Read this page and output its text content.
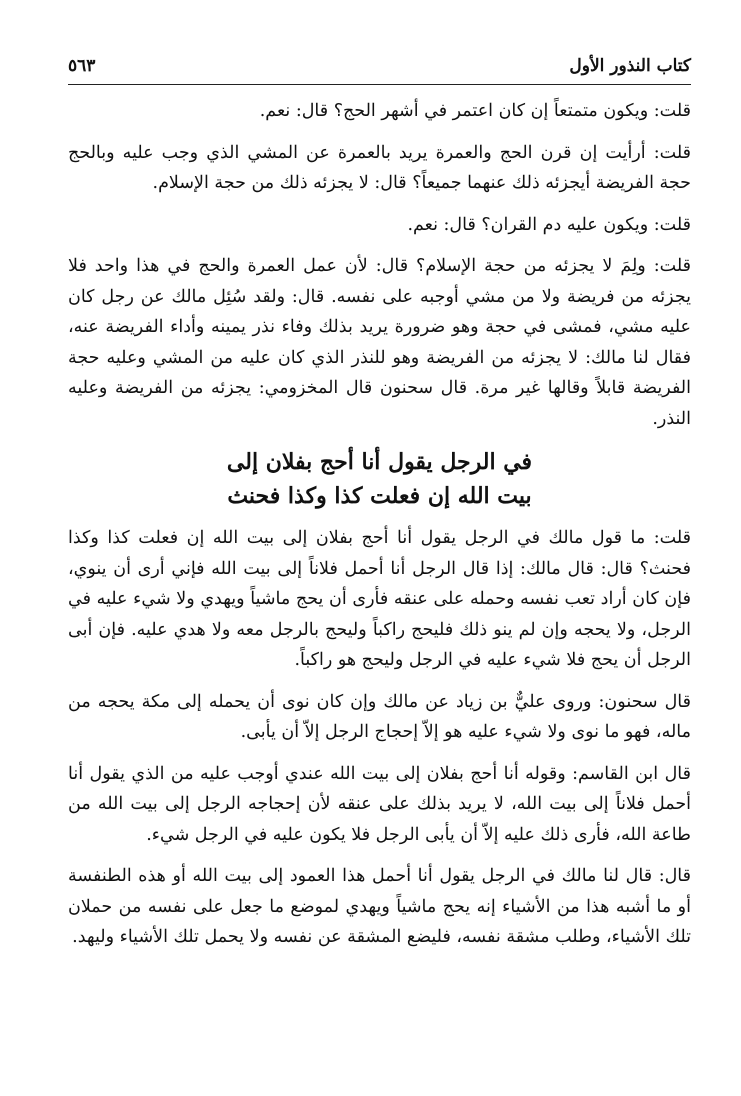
كتاب النذور الأول
٥٦٣

قلت: ويكون متمتعاً إن كان اعتمر في أشهر الحج؟ قال: نعم.

قلت: أرأيت إن قرن الحج والعمرة يريد بالعمرة عن المشي الذي وجب عليه وبالحج حجة الفريضة أيجزئه ذلك عنهما جميعاً؟ قال: لا يجزئه ذلك من حجة الإسلام.

قلت: ويكون عليه دم القران؟ قال: نعم.

قلت: ولِمَ لا يجزئه من حجة الإسلام؟ قال: لأن عمل العمرة والحج في هذا واحد فلا يجزئه من فريضة ولا من مشي أوجبه على نفسه. قال: ولقد سُئِل مالك عن رجل كان عليه مشي، فمشى في حجة وهو ضرورة يريد بذلك وفاء نذر يمينه وأداء الفريضة عنه، فقال لنا مالك: لا يجزئه من الفريضة وهو للنذر الذي كان عليه من المشي وعليه حجة الفريضة قابلاً وقالها غير مرة. قال سحنون قال المخزومي: يجزئه من الفريضة وعليه النذر.

في الرجل يقول أنا أحج بفلان إلى
بيت الله إن فعلت كذا وكذا فحنث

قلت: ما قول مالك في الرجل يقول أنا أحج بفلان إلى بيت الله إن فعلت كذا وكذا فحنث؟ قال: قال مالك: إذا قال الرجل أنا أحمل فلاناً إلى بيت الله فإني أرى أن ينوي، فإن كان أراد تعب نفسه وحمله على عنقه فأرى أن يحج ماشياً ويهدي ولا شيء عليه في الرجل، ولا يحجه وإن لم ينو ذلك فليحج راكباً وليحج بالرجل معه ولا هدي عليه. فإن أبى الرجل أن يحج فلا شيء عليه في الرجل وليحج هو راكباً.

قال سحنون: وروى عليٌّ بن زياد عن مالك وإن كان نوى أن يحمله إلى مكة يحجه من ماله، فهو ما نوى ولا شيء عليه هو إلاّ إحجاج الرجل إلاّ أن يأبى.

قال ابن القاسم: وقوله أنا أحج بفلان إلى بيت الله عندي أوجب عليه من الذي يقول أنا أحمل فلاناً إلى بيت الله، لا يريد بذلك على عنقه لأن إحجاجه الرجل إلى بيت الله من طاعة الله، فأرى ذلك عليه إلاّ أن يأبى الرجل فلا يكون عليه في الرجل شيء.

قال: قال لنا مالك في الرجل يقول أنا أحمل هذا العمود إلى بيت الله أو هذه الطنفسة أو ما أشبه هذا من الأشياء إنه يحج ماشياً ويهدي لموضع ما جعل على نفسه من حملان تلك الأشياء، وطلب مشقة نفسه، فليضع المشقة عن نفسه ولا يحمل تلك الأشياء وليهد.
